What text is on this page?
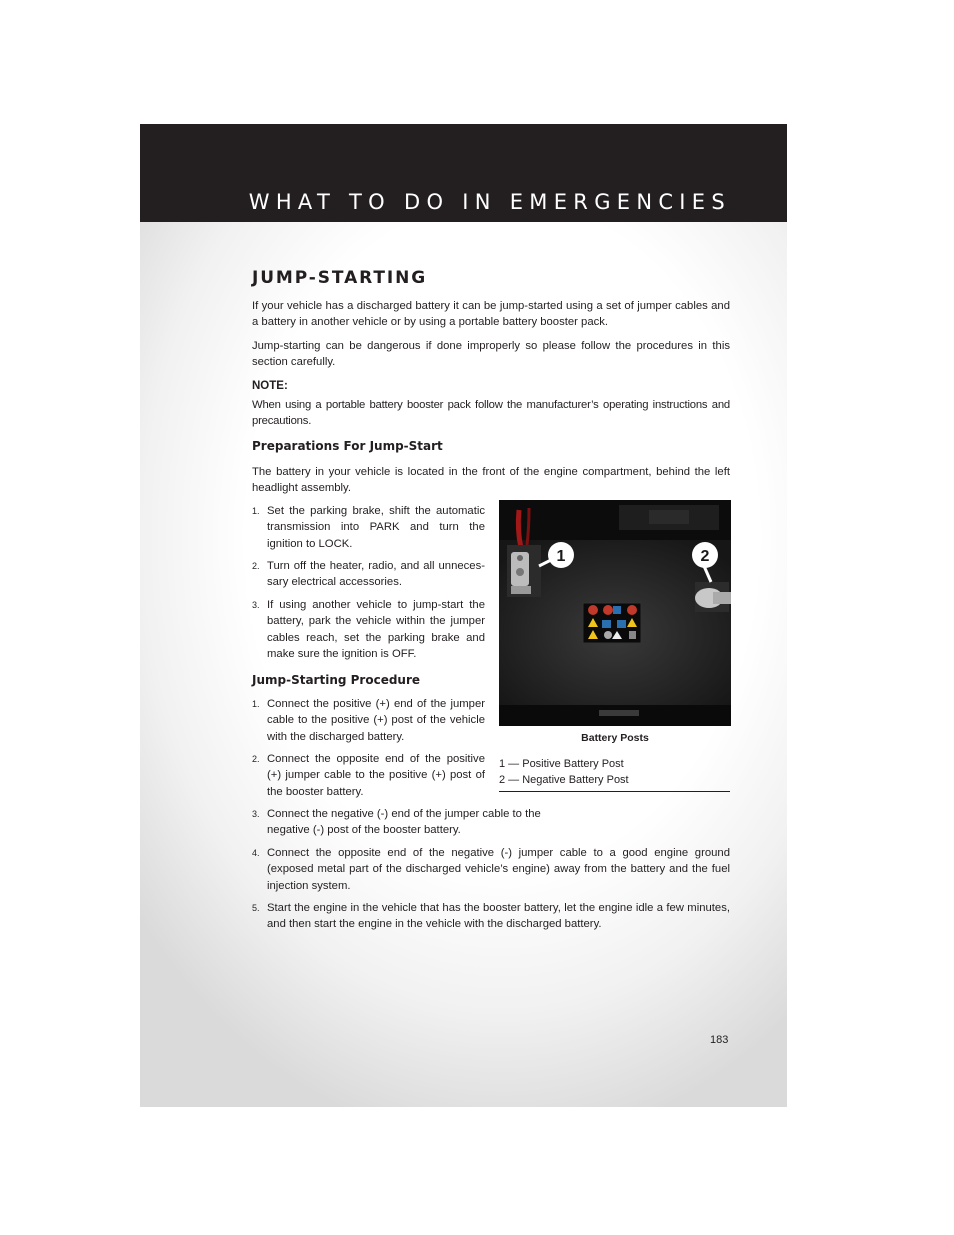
WHAT TO DO IN EMERGENCIES
JUMP-STARTING
If your vehicle has a discharged battery it can be jump-started using a set of jumper cables and a battery in another vehicle or by using a portable battery booster pack.
Jump-starting can be dangerous if done improperly so please follow the procedures in this section carefully.
NOTE:
When using a portable battery booster pack follow the manufacturer’s operating instructions and precautions.
Preparations For Jump-Start
The battery in your vehicle is located in the front of the engine compartment, behind the left headlight assembly.
1. Set the parking brake, shift the automatic transmission into PARK and turn the ignition to LOCK.
2. Turn off the heater, radio, and all unneces-sary electrical accessories.
3. If using another vehicle to jump-start the battery, park the vehicle within the jumper cables reach, set the parking brake and make sure the ignition is OFF.
Jump-Starting Procedure
1. Connect the positive (+) end of the jumper cable to the positive (+) post of the vehicle with the discharged battery.
2. Connect the opposite end of the positive (+) jumper cable to the positive (+) post of the booster battery.
3. Connect the negative (-) end of the jumper cable to the negative (-) post of the booster battery.
4. Connect the opposite end of the negative (-) jumper cable to a good engine ground (exposed metal part of the discharged vehicle’s engine) away from the battery and the fuel injection system.
5. Start the engine in the vehicle that has the booster battery, let the engine idle a few minutes, and then start the engine in the vehicle with the discharged battery.
1	2
Battery Posts
1 — Positive Battery Post
2 — Negative Battery Post
183
